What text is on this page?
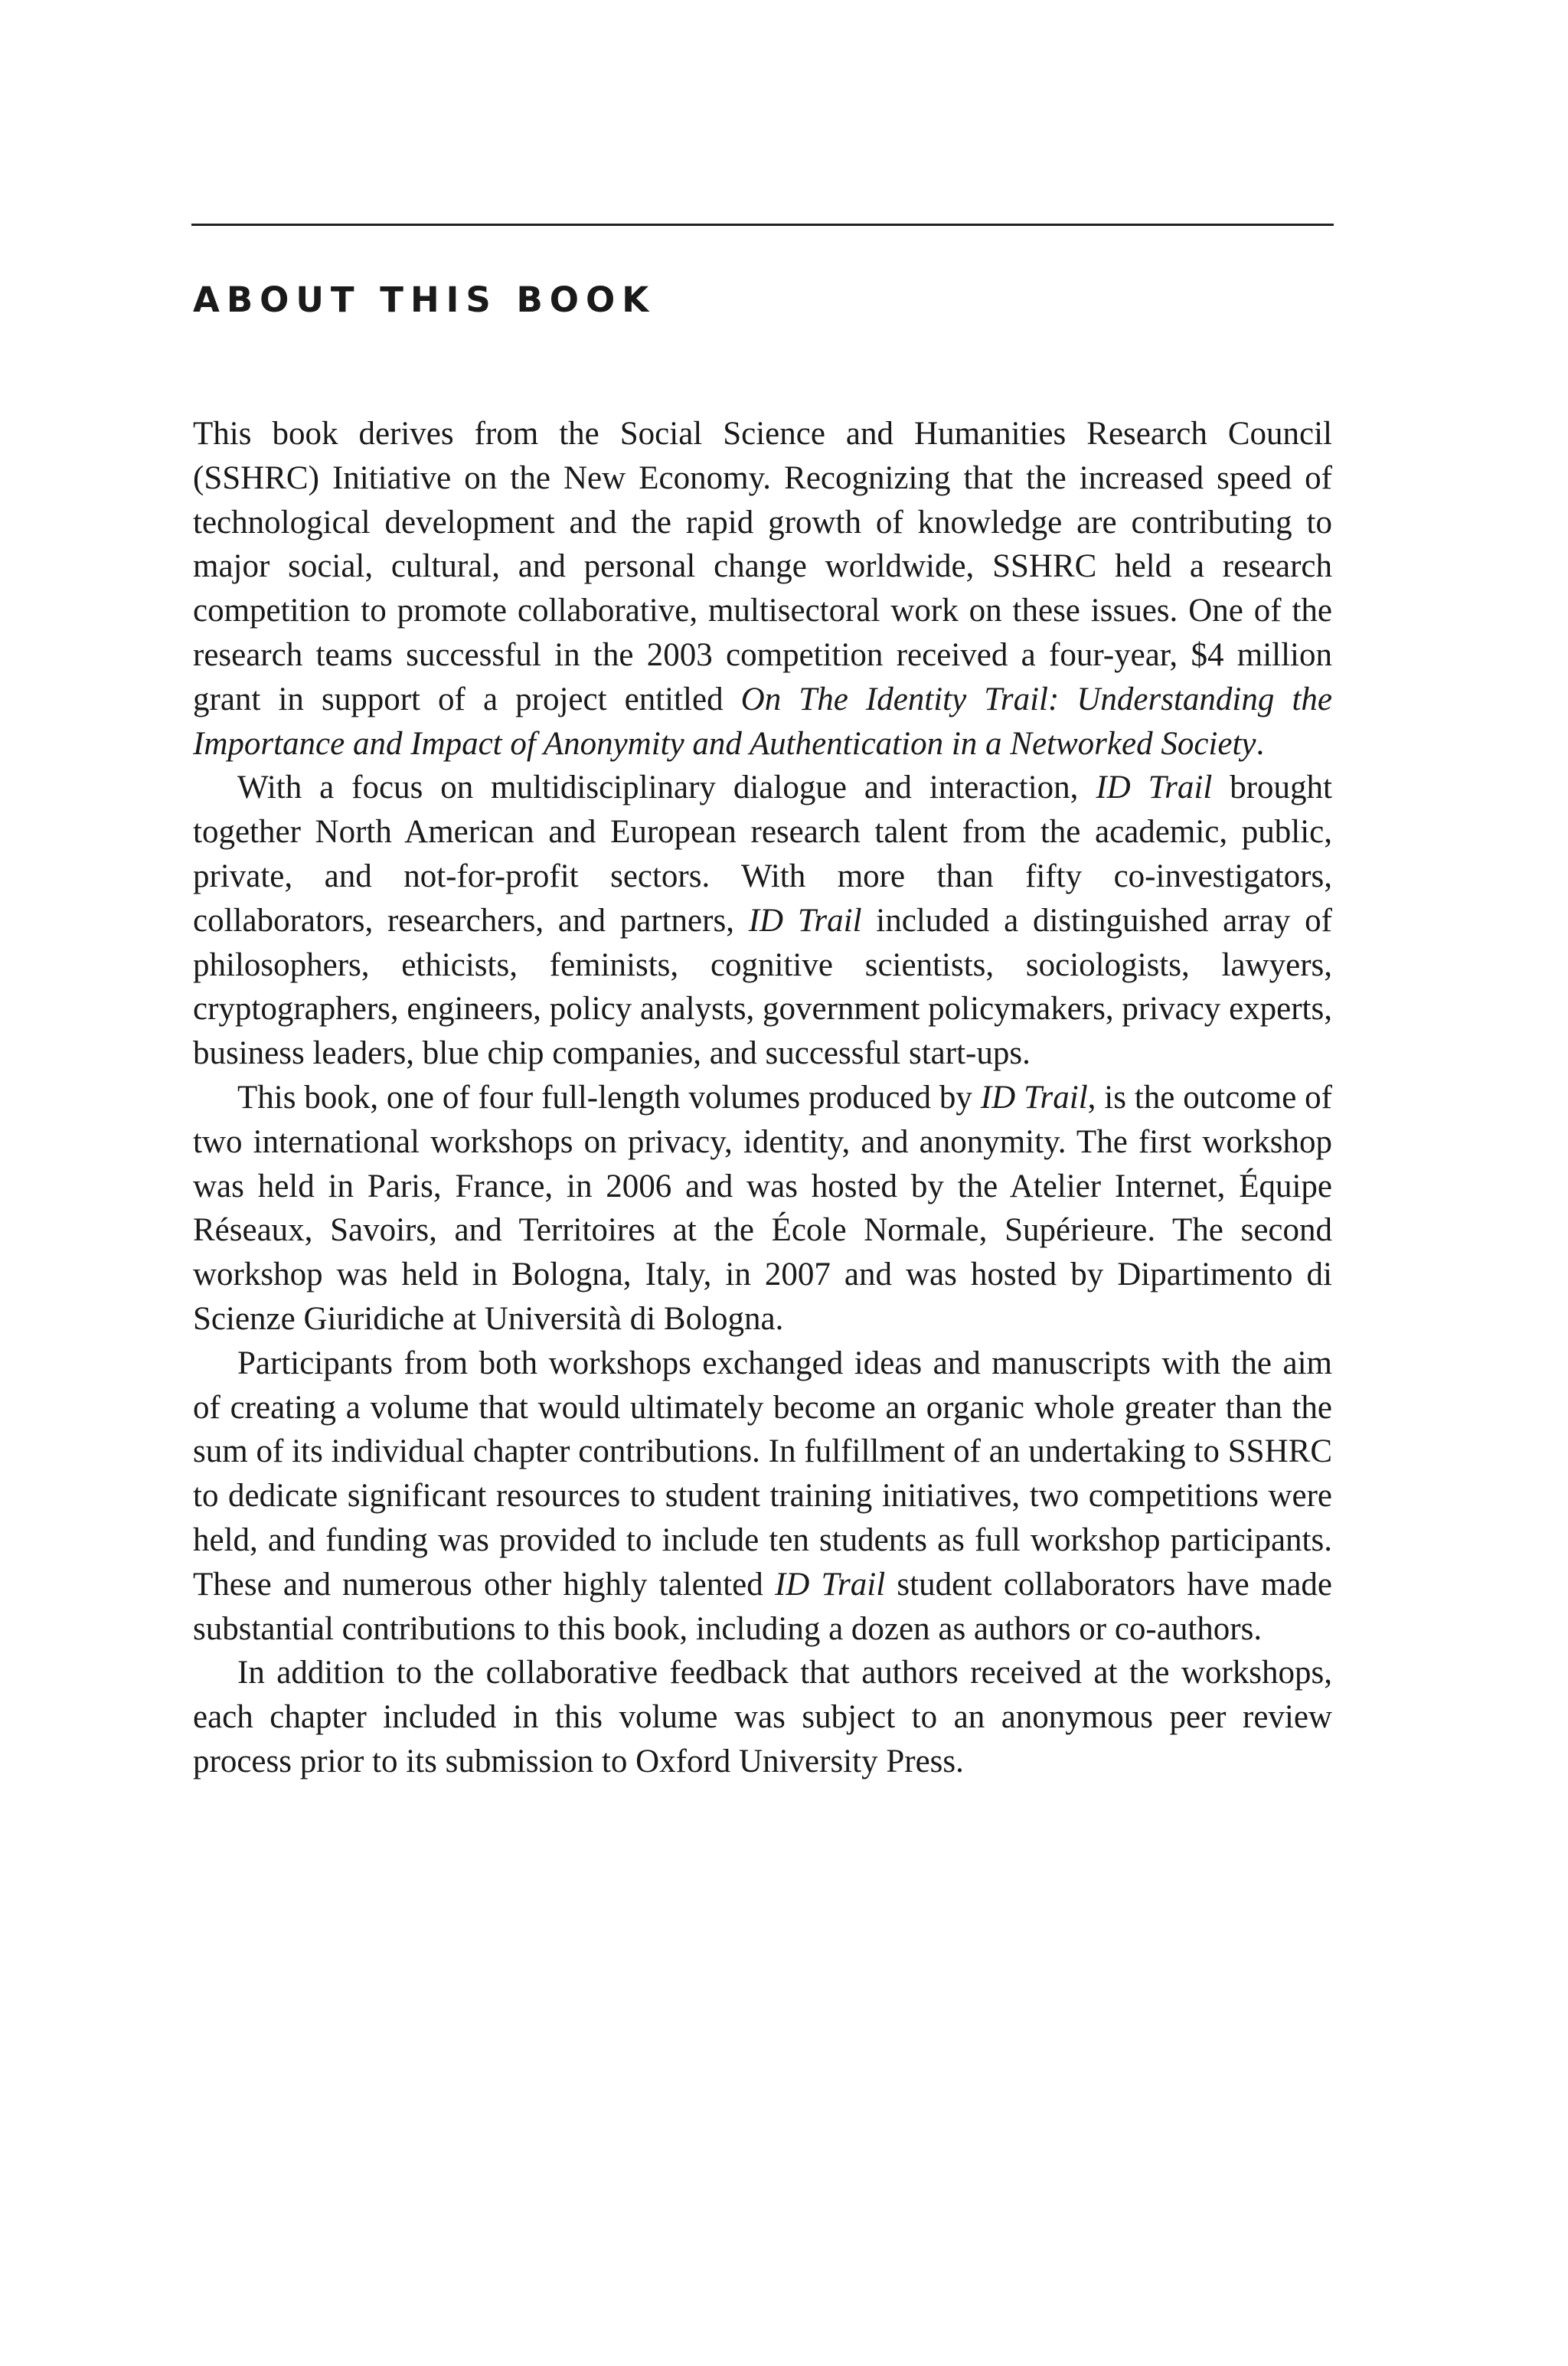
ABOUT THIS BOOK

This book derives from the Social Science and Humanities Research Council (SSHRC) Initiative on the New Economy. Recognizing that the increased speed of technological development and the rapid growth of knowledge are contributing to major social, cultural, and personal change worldwide, SSHRC held a research competition to promote collaborative, multisectoral work on these issues. One of the research teams successful in the 2003 competition received a four-year, $4 million grant in support of a project entitled On The Identity Trail: Understanding the Importance and Impact of Anonymity and Authentication in a Networked Society.

With a focus on multidisciplinary dialogue and interaction, ID Trail brought together North American and European research talent from the academic, public, private, and not-for-profit sectors. With more than fifty co-investigators, collaborators, researchers, and partners, ID Trail included a distinguished array of philosophers, ethicists, feminists, cognitive scientists, sociologists, lawyers, cryptographers, engineers, policy analysts, government policymakers, privacy experts, business leaders, blue chip companies, and successful start-ups.

This book, one of four full-length volumes produced by ID Trail, is the outcome of two international workshops on privacy, identity, and anonymity. The first workshop was held in Paris, France, in 2006 and was hosted by the Atelier Internet, Équipe Réseaux, Savoirs, and Territoires at the École Normale, Supérieure. The second workshop was held in Bologna, Italy, in 2007 and was hosted by Dipartimento di Scienze Giuridiche at Università di Bologna.

Participants from both workshops exchanged ideas and manuscripts with the aim of creating a volume that would ultimately become an organic whole greater than the sum of its individual chapter contributions. In fulfillment of an undertaking to SSHRC to dedicate significant resources to student training initiatives, two competitions were held, and funding was provided to include ten students as full workshop participants. These and numerous other highly talented ID Trail student collaborators have made substantial contributions to this book, including a dozen as authors or co-authors.

In addition to the collaborative feedback that authors received at the workshops, each chapter included in this volume was subject to an anonymous peer review process prior to its submission to Oxford University Press.
